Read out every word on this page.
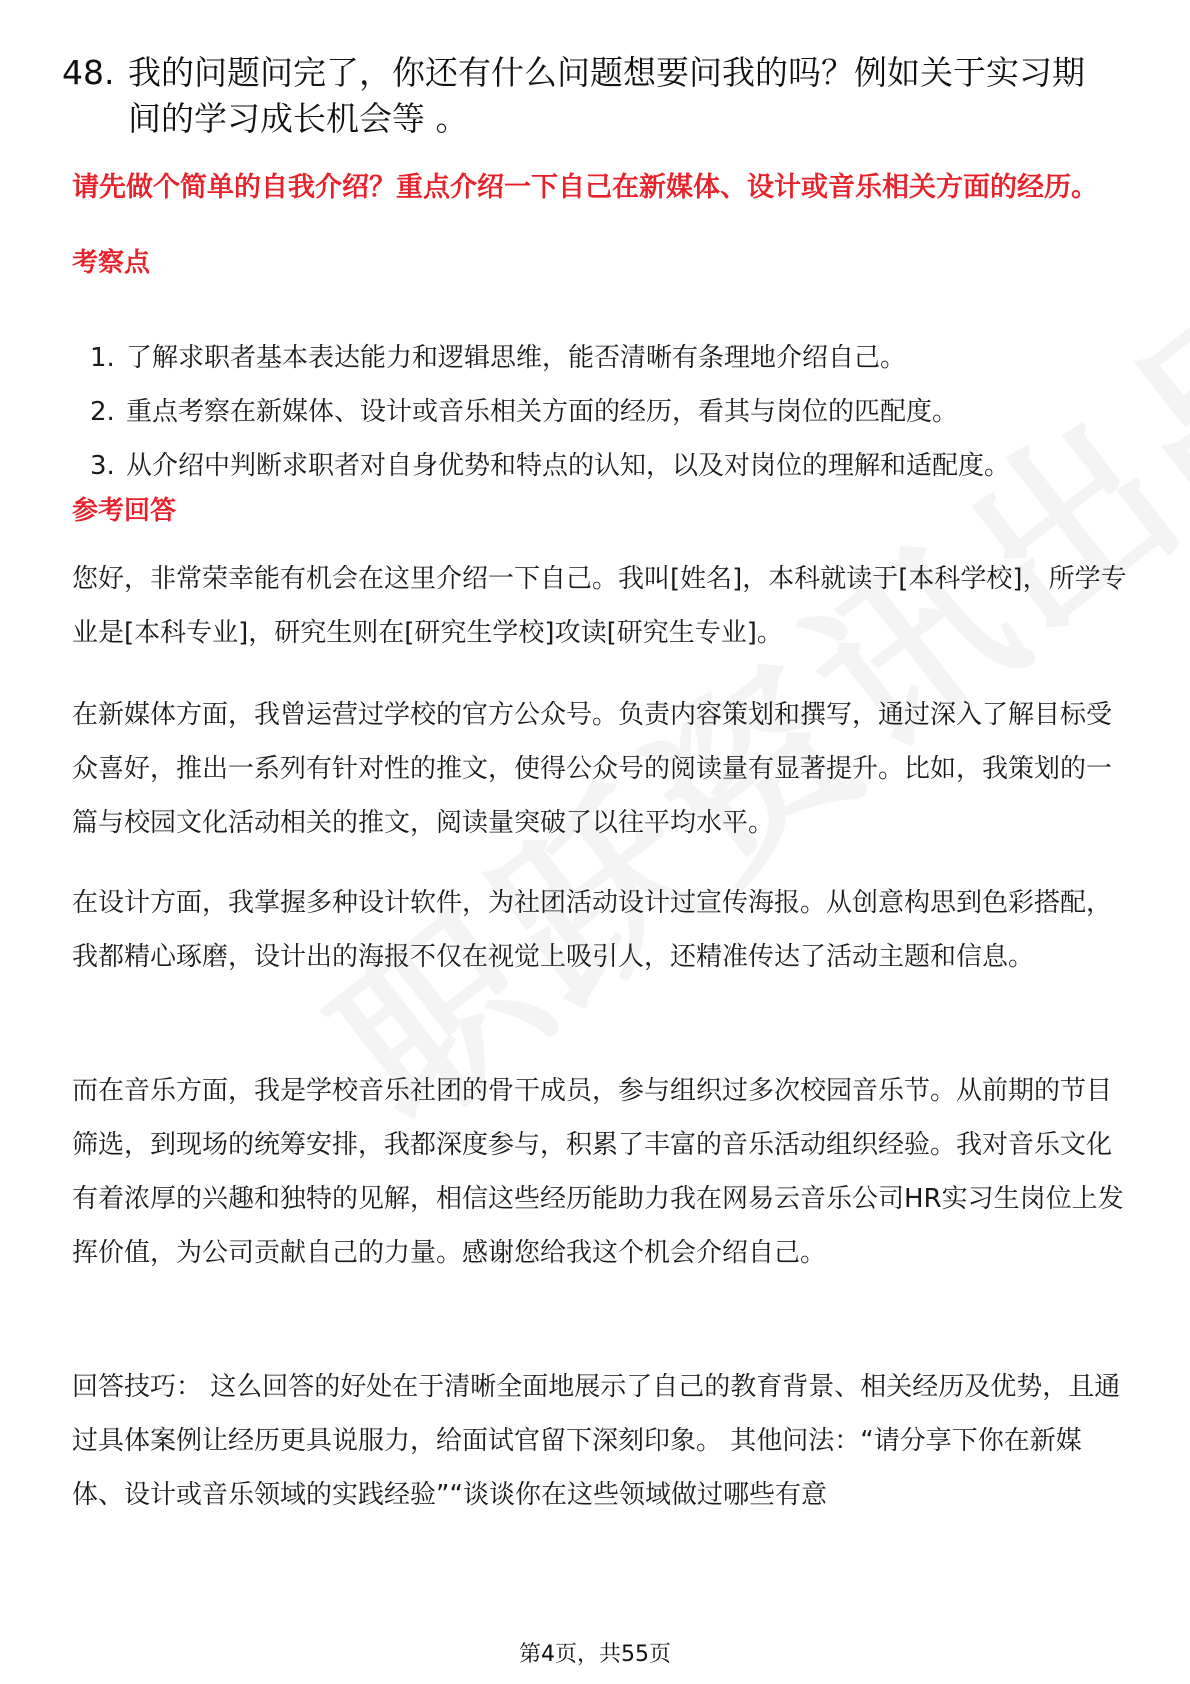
48. 我的问题问完了，你还有什么问题想要问我的吗？例如关于实习期间的学习成长机会等 。
请先做个简单的自我介绍？重点介绍一下自己在新媒体、设计或音乐相关方面的经历。
考察点
1. 了解求职者基本表达能力和逻辑思维，能否清晰有条理地介绍自己。
2. 重点考察在新媒体、设计或音乐相关方面的经历，看其与岗位的匹配度。
3. 从介绍中判断求职者对自身优势和特点的认知，以及对岗位的理解和适配度。
参考回答

您好，非常荣幸能有机会在这里介绍一下自己。我叫[姓名]，本科就读于[本科学校]，所学专业是[本科专业]，研究生则在[研究生学校]攻读[研究生专业]。

在新媒体方面，我曾运营过学校的官方公众号。负责内容策划和撰写，通过深入了解目标受众喜好，推出一系列有针对性的推文，使得公众号的阅读量有显著提升。比如，我策划的一篇与校园文化活动相关的推文，阅读量突破了以往平均水平。

在设计方面，我掌握多种设计软件，为社团活动设计过宣传海报。从创意构思到色彩搭配，我都精心琢磨，设计出的海报不仅在视觉上吸引人，还精准传达了活动主题和信息。

而在音乐方面，我是学校音乐社团的骨干成员，参与组织过多次校园音乐节。从前期的节目筛选，到现场的统筹安排，我都深度参与，积累了丰富的音乐活动组织经验。我对音乐文化有着浓厚的兴趣和独特的见解，相信这些经历能助力我在网易云音乐公司HR实习生岗位上发挥价值，为公司贡献自己的力量。感谢您给我这个机会介绍自己。

回答技巧： 这么回答的好处在于清晰全面地展示了自己的教育背景、相关经历及优势，且通过具体案例让经历更具说服力，给面试官留下深刻印象。 其他问法：“请分享下你在新媒体、设计或音乐领域的实践经验”“谈谈你在这些领域做过哪些有意

第4页，共55页
